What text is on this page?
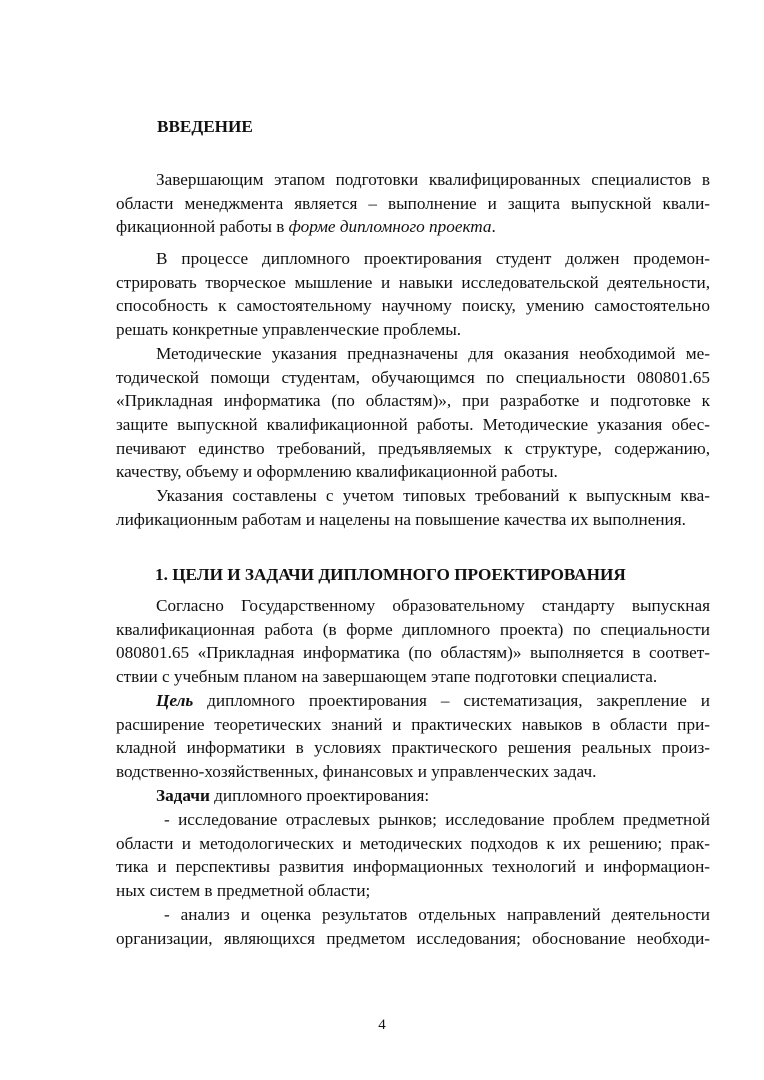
ВВЕДЕНИЕ
Завершающим этапом подготовки квалифицированных специалистов в
области менеджмента является – выполнение и защита выпускной квали-
фикационной работы в форме дипломного проекта.
В процессе дипломного проектирования студент должен продемон-
стрировать творческое мышление и навыки исследовательской деятельности,
способность к самостоятельному научному поиску, умению самостоятельно
решать конкретные управленческие проблемы.
Методические указания предназначены для оказания необходимой ме-
тодической помощи студентам, обучающимся по специальности 080801.65
«Прикладная информатика (по областям)», при разработке и подготовке к
защите выпускной квалификационной работы. Методические указания обес-
печивают единство требований, предъявляемых к структуре, содержанию,
качеству, объему и оформлению квалификационной работы.
Указания составлены с учетом типовых требований к выпускным ква-
лификационным работам и нацелены на повышение качества их выполнения.
1. ЦЕЛИ И ЗАДАЧИ ДИПЛОМНОГО ПРОЕКТИРОВАНИЯ
Согласно Государственному образовательному стандарту выпускная
квалификационная работа (в форме дипломного проекта) по специальности
080801.65 «Прикладная информатика (по областям)» выполняется в соответ-
ствии с учебным планом на завершающем этапе подготовки специалиста.
Цель дипломного проектирования – систематизация, закрепление и
расширение теоретических знаний и практических навыков в области при-
кладной информатики в условиях практического решения реальных произ-
водственно-хозяйственных, финансовых и управленческих задач.
Задачи дипломного проектирования:
- исследование отраслевых рынков; исследование проблем предметной
области и методологических и методических подходов к их решению; прак-
тика и перспективы развития информационных технологий и информацион-
ных систем в предметной области;
- анализ и оценка результатов отдельных направлений деятельности
организации, являющихся предметом исследования; обоснование необходи-
4
